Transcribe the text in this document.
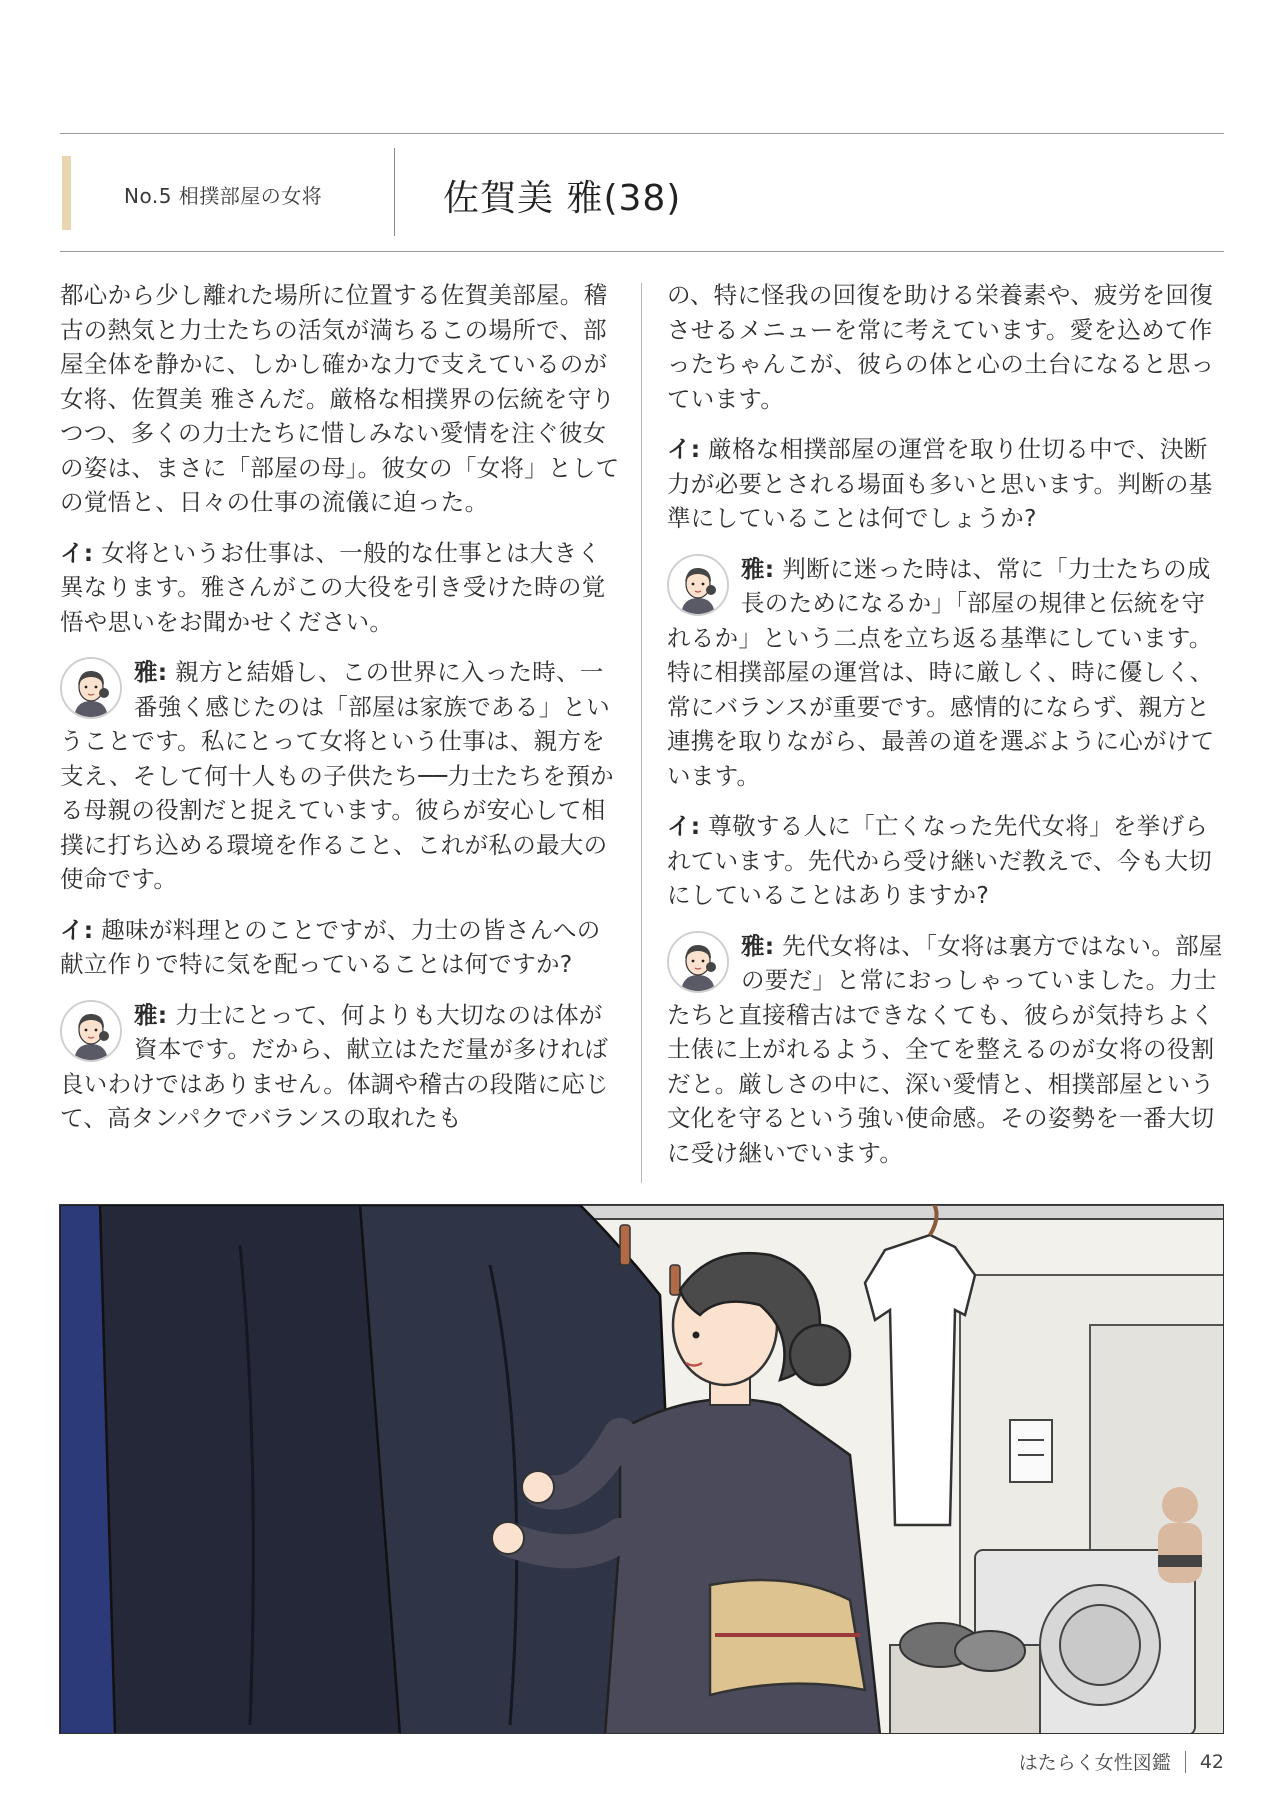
No.5 相撲部屋の女将	佐賀美 雅(38)

都心から少し離れた場所に位置する佐賀美部屋。稽古の熱気と力士たちの活気が満ちるこの場所で、部屋全体を静かに、しかし確かな力で支えているのが女将、佐賀美 雅さんだ。厳格な相撲界の伝統を守りつつ、多くの力士たちに惜しみない愛情を注ぐ彼女の姿は、まさに「部屋の母」。彼女の「女将」としての覚悟と、日々の仕事の流儀に迫った。

イ: 女将というお仕事は、一般的な仕事とは大きく異なります。雅さんがこの大役を引き受けた時の覚悟や思いをお聞かせください。

雅: 親方と結婚し、この世界に入った時、一番強く感じたのは「部屋は家族である」ということです。私にとって女将という仕事は、親方を支え、そして何十人もの子供たち──力士たちを預かる母親の役割だと捉えています。彼らが安心して相撲に打ち込める環境を作ること、これが私の最大の使命です。

イ: 趣味が料理とのことですが、力士の皆さんへの献立作りで特に気を配っていることは何ですか?

雅: 力士にとって、何よりも大切なのは体が資本です。だから、献立はただ量が多ければ良いわけではありません。体調や稽古の段階に応じて、高タンパクでバランスの取れたも

の、特に怪我の回復を助ける栄養素や、疲労を回復させるメニューを常に考えています。愛を込めて作ったちゃんこが、彼らの体と心の土台になると思っています。

イ: 厳格な相撲部屋の運営を取り仕切る中で、決断力が必要とされる場面も多いと思います。判断の基準にしていることは何でしょうか?

雅: 判断に迷った時は、常に「力士たちの成長のためになるか」「部屋の規律と伝統を守れるか」という二点を立ち返る基準にしています。特に相撲部屋の運営は、時に厳しく、時に優しく、常にバランスが重要です。感情的にならず、親方と連携を取りながら、最善の道を選ぶように心がけています。

イ: 尊敬する人に「亡くなった先代女将」を挙げられています。先代から受け継いだ教えで、今も大切にしていることはありますか?

雅: 先代女将は、「女将は裏方ではない。部屋の要だ」と常におっしゃっていました。力士たちと直接稽古はできなくても、彼らが気持ちよく土俵に上がれるよう、全てを整えるのが女将の役割だと。厳しさの中に、深い愛情と、相撲部屋という文化を守るという強い使命感。その姿勢を一番大切に受け継いでいます。
はたらく女性図鑑 42
